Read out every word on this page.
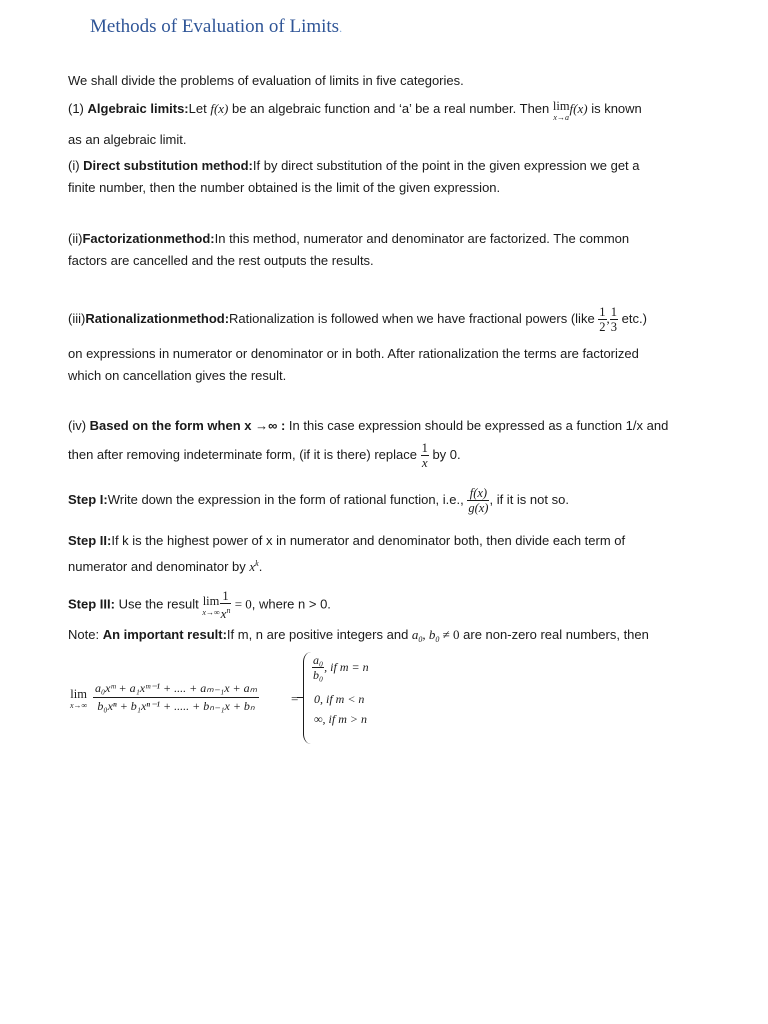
Methods of Evaluation of Limits.
We shall divide the problems of evaluation of limits in five categories.
(1) Algebraic limits:Let f(x) be an algebraic function and ‘a’ be a real number. Then lim
x→a
f(x) is known
as an algebraic limit.
(i) Direct substitution method:If by direct substitution of the point in the given expression we get a
finite number, then the number obtained is the limit of the given expression.
(ii)Factorizationmethod:In this method, numerator and denominator are factorized. The common
factors are cancelled and the rest outputs the results.
(iii)Rationalizationmethod:Rationalization is followed when we have fractional powers (like $\frac{1}{2}$ , $\frac{1}{3} etc$.)
on expressions in numerator or denominator or in both. After rationalization the terms are factorized
which on cancellation gives the result.
(iv) Based on the form when x →∞ : In this case expression should be expressed as a function 1/x and
then after removing indeterminate form, (if it is there) replace $\frac{1}{x}$ by 0.
Step I:Write down the expression in the form of rational function, i.e., $\frac{f(x)}{g(x)}$ , if it is not so.
Step II:If k is the highest power of x in numerator and denominator both, then divide each term of
numerator and denominator by $x^k$.
Step III: Use the result lim
$x\to\infty \frac{1}{x^n} = 0$, where n > 0.
Note: An important result:If m, n are positive integers and $a_0$, $b_0 \ne 0$ are non-zero real numbers, then
lim
$x\to\infty \frac{\text{a₀xᵐ + a₁xᵐ⁻¹ + .... + aₘ₋₁x + aₘ}}{\text{b₀xⁿ + b₁xⁿ⁻¹ + ..... + bₙ₋₁x + bₙ}}$ =
$\frac{\text{a₀}}{\text{b₀}}$ , if m = n
0, if m < n
∞, if m > n
